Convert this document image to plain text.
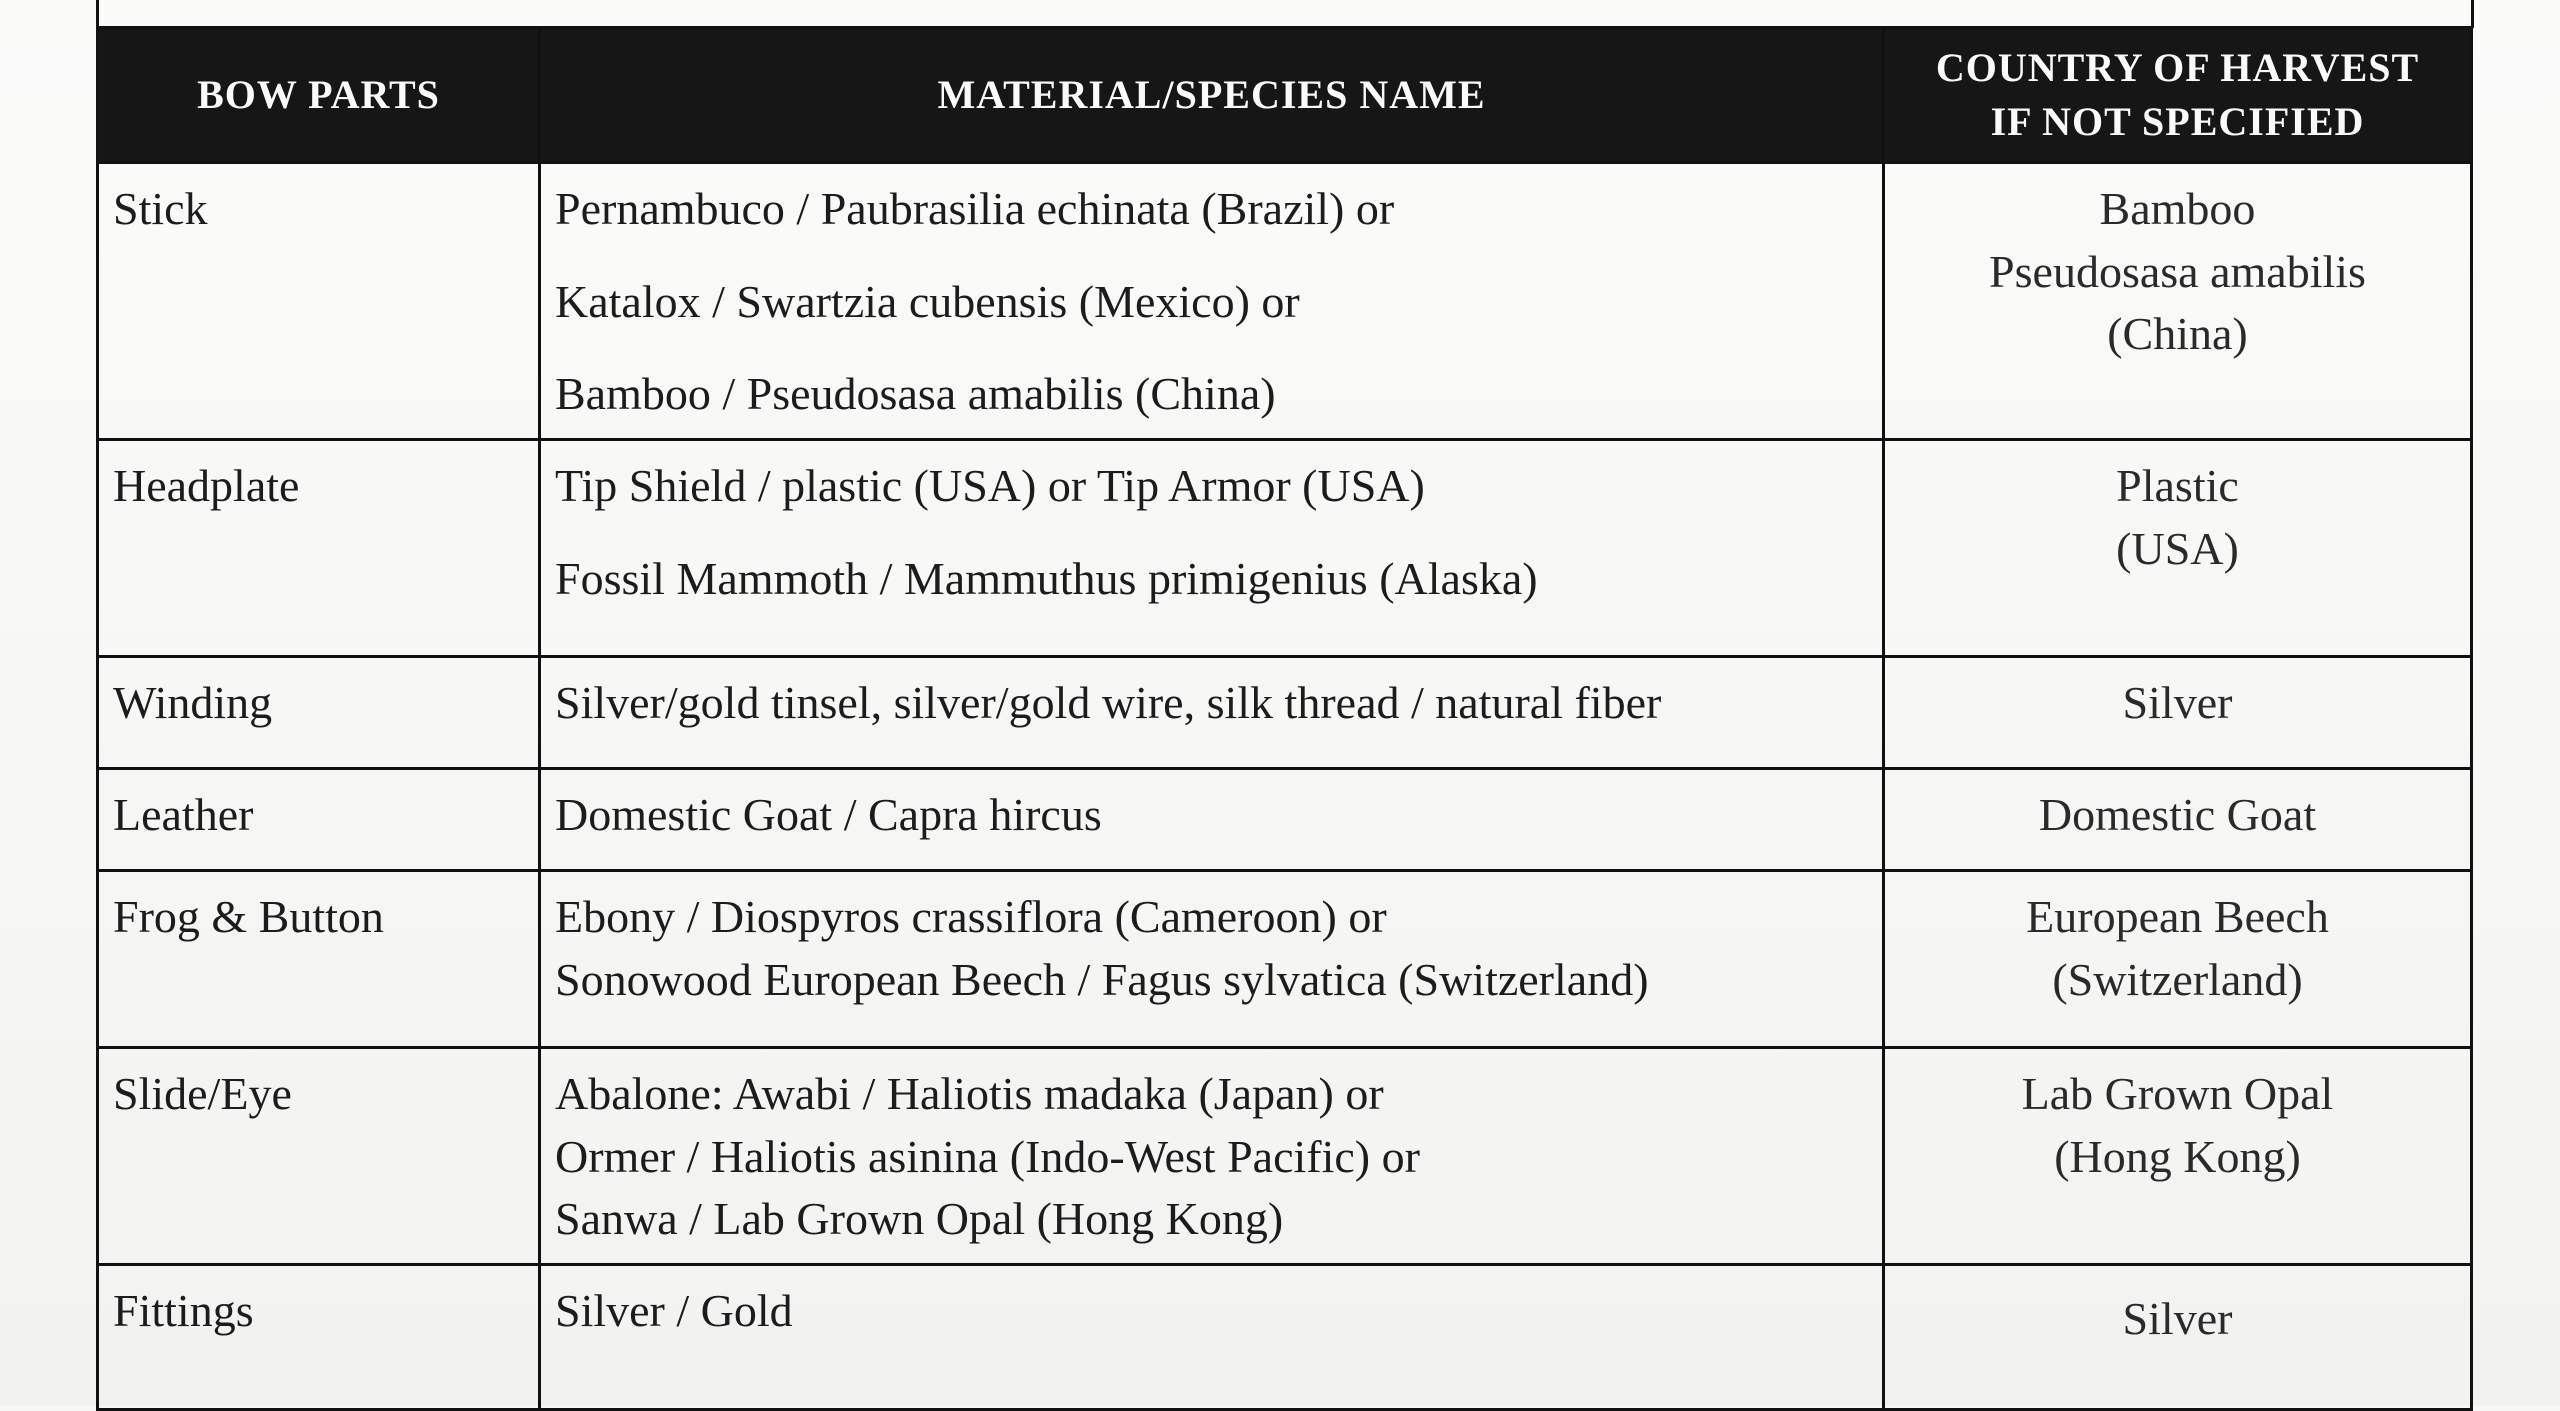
BOW PARTS	MATERIAL/SPECIES NAME	COUNTRY OF HARVEST
IF NOT SPECIFIED

Stick	Pernambuco / Paubrasilia echinata (Brazil) or
Katalox / Swartzia cubensis (Mexico) or
Bamboo / Pseudosasa amabilis (China)	Bamboo
Pseudosasa amabilis
(China)

Headplate	Tip Shield / plastic (USA) or Tip Armor (USA)
Fossil Mammoth / Mammuthus primigenius (Alaska)	Plastic
(USA)

Winding	Silver/gold tinsel, silver/gold wire, silk thread / natural fiber	Silver

Leather	Domestic Goat / Capra hircus	Domestic Goat

Frog & Button	Ebony / Diospyros crassiflora (Cameroon) or
Sonowood European Beech / Fagus sylvatica (Switzerland)	European Beech
(Switzerland)

Slide/Eye	Abalone: Awabi / Haliotis madaka (Japan) or
Ormer / Haliotis asinina (Indo-West Pacific) or
Sanwa / Lab Grown Opal (Hong Kong)	Lab Grown Opal
(Hong Kong)

Fittings	Silver / Gold	Silver
